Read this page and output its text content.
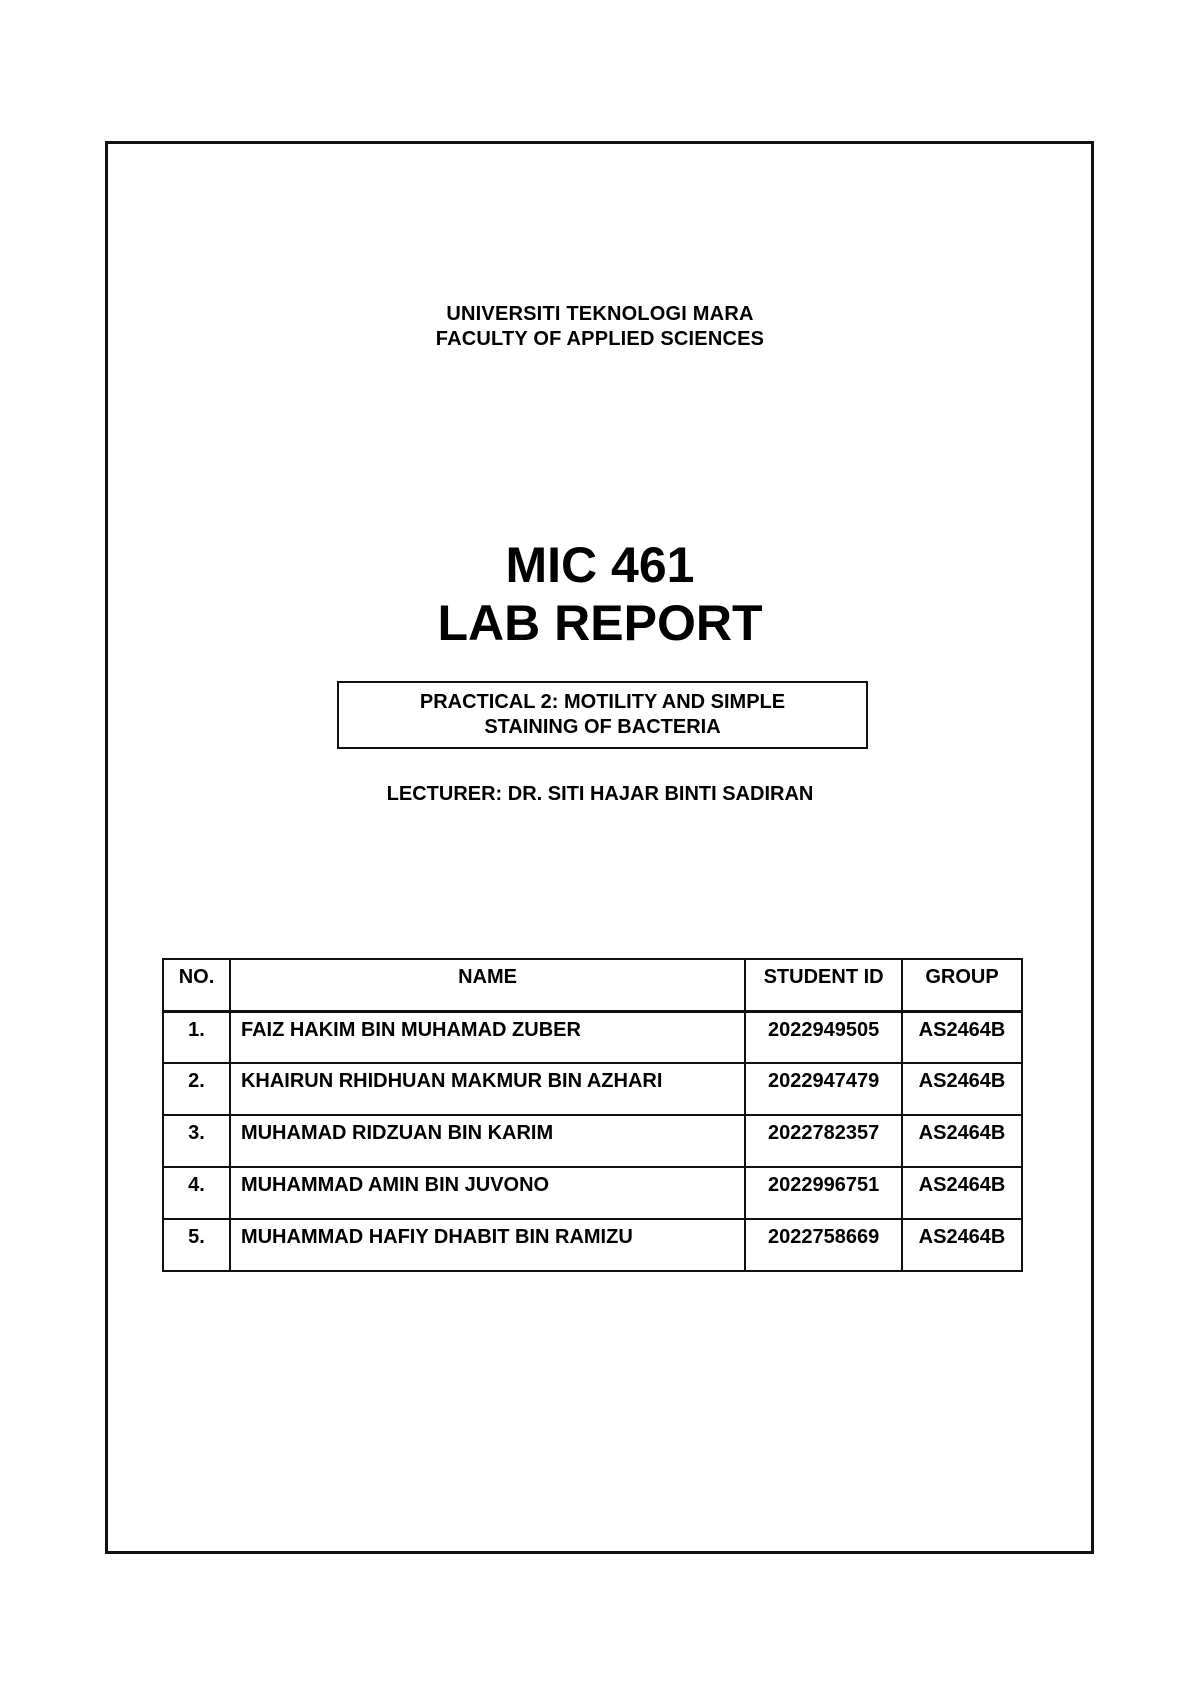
UNIVERSITI TEKNOLOGI MARA
FACULTY OF APPLIED SCIENCES
MIC 461
LAB REPORT
PRACTICAL 2: MOTILITY AND SIMPLE
STAINING OF BACTERIA
LECTURER: DR. SITI HAJAR BINTI SADIRAN
NO.	NAME	STUDENT ID	GROUP
1.	FAIZ HAKIM BIN MUHAMAD ZUBER	2022949505	AS2464B
2.	KHAIRUN RHIDHUAN MAKMUR BIN AZHARI	2022947479	AS2464B
3.	MUHAMAD RIDZUAN BIN KARIM	2022782357	AS2464B
4.	MUHAMMAD AMIN BIN JUVONO	2022996751	AS2464B
5.	MUHAMMAD HAFIY DHABIT BIN RAMIZU	2022758669	AS2464B
